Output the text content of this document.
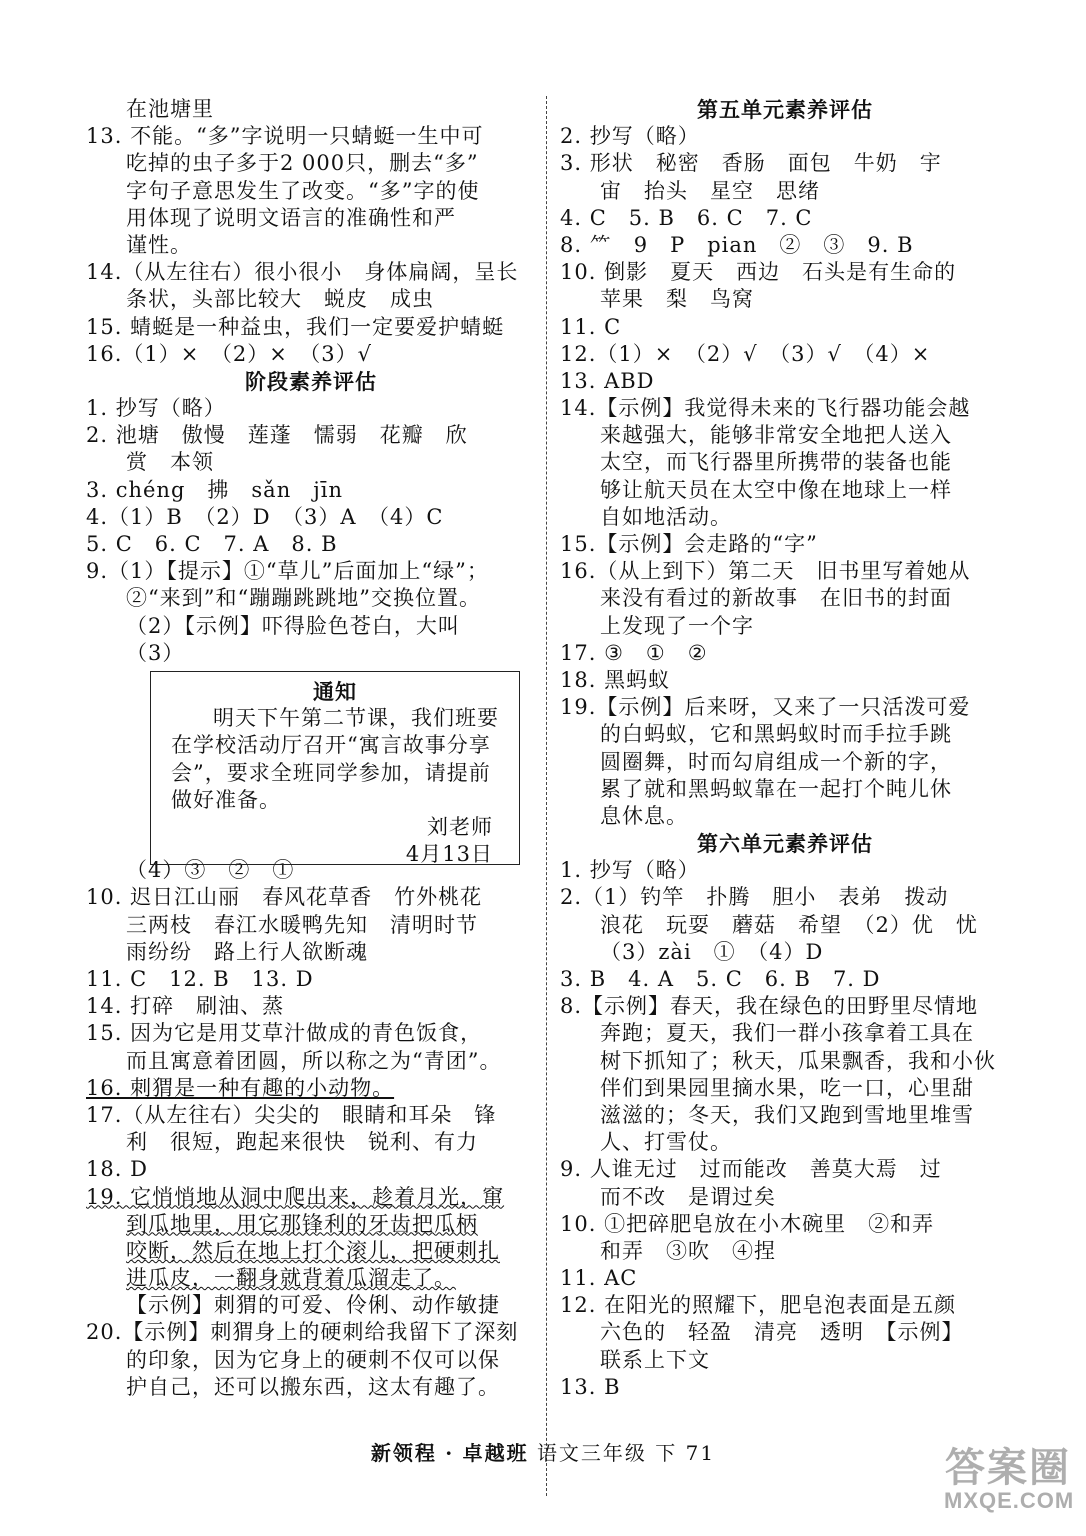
在池塘里
13. 不能。“多”字说明一只蜻蜓一生中可
吃掉的虫子多于2 000只，删去“多”
字句子意思发生了改变。“多”字的使
用体现了说明文语言的准确性和严
谨性。
14.（从左往右）很小很小　身体扁阔，呈长
条状，头部比较大　蜕皮　成虫
15. 蜻蜓是一种益虫，我们一定要爱护蜻蜓
16.（1）×　（2）×　（3）√
阶段素养评估
1. 抄写（略）
2. 池塘　傲慢　莲蓬　懦弱　花瓣　欣
赏　本领
3. chéng　拂　sǎn　jīn
4.（1）B　（2）D　（3）A　（4）C
5. C　6. C　7. A　8. B
9.（1）【提示】①“草儿”后面加上“绿”；
②“来到”和“蹦蹦跳跳地”交换位置。
（2）【示例】吓得脸色苍白，大叫
（3）
（4）③　②　①
10. 迟日江山丽　春风花草香　竹外桃花
三两枝　春江水暖鸭先知　清明时节
雨纷纷　路上行人欲断魂
11. C　12. B　13. D
14. 打碎　刷油、蒸
15. 因为它是用艾草汁做成的青色饭食，
而且寓意着团圆，所以称之为“青团”。
16. 刺猬是一种有趣的小动物。
17.（从左往右）尖尖的　眼睛和耳朵　锋
利　很短，跑起来很快　锐利、有力
18. D
19. 它悄悄地从洞中爬出来，趁着月光，窜
到瓜地里，用它那锋利的牙齿把瓜柄
咬断，然后在地上打个滚儿，把硬刺扎
进瓜皮，一翻身就背着瓜溜走了。
【示例】刺猬的可爱、伶俐、动作敏捷
20.【示例】刺猬身上的硬刺给我留下了深刻
的印象，因为它身上的硬刺不仅可以保
护自己，还可以搬东西，这太有趣了。
第五单元素养评估
2. 抄写（略）
3. 形状　秘密　香肠　面包　牛奶　宇
宙　抬头　星空　思绪
4. C　5. B　6. C　7. C
8. ⺮　9　P　pian　②　③　9. B
10. 倒影　夏天　西边　石头是有生命的
苹果　梨　鸟窝
11. C
12.（1）×　（2）√　（3）√　（4）×
13. ABD
14.【示例】我觉得未来的飞行器功能会越
来越强大，能够非常安全地把人送入
太空，而飞行器里所携带的装备也能
够让航天员在太空中像在地球上一样
自如地活动。
15.【示例】会走路的“字”
16.（从上到下）第二天　旧书里写着她从
来没有看过的新故事　在旧书的封面
上发现了一个字
17. ③　①　②
18. 黑蚂蚁
19.【示例】后来呀，又来了一只活泼可爱
的白蚂蚁，它和黑蚂蚁时而手拉手跳
圆圈舞，时而勾肩组成一个新的字，
累了就和黑蚂蚁靠在一起打个盹儿休
息休息。
第六单元素养评估
1. 抄写（略）
2.（1）钓竿　扑腾　胆小　表弟　拨动
浪花　玩耍　蘑菇　希望　（2）优　忧
（3）zài　①　（4）D
3. B　4. A　5. C　6. B　7. D
8.【示例】春天，我在绿色的田野里尽情地
奔跑；夏天，我们一群小孩拿着工具在
树下抓知了；秋天，瓜果飘香，我和小伙
伴们到果园里摘水果，吃一口，心里甜
滋滋的；冬天，我们又跑到雪地里堆雪
人、打雪仗。
9. 人谁无过　过而能改　善莫大焉　过
而不改　是谓过矣
10. ①把碎肥皂放在小木碗里　②和弄
和弄　③吹　④捏
11. AC
12. 在阳光的照耀下，肥皂泡表面是五颜
六色的　轻盈　清亮　透明　【示例】
联系上下文
13. B
通知
明天下午第二节课，我们班要在学校活动厅召开“寓言故事分享会”，要求全班同学参加，请提前做好准备。
刘老师
4月13日
新领程 · 卓越班 语文三年级 下 71	答案圈
MXQE.COM
